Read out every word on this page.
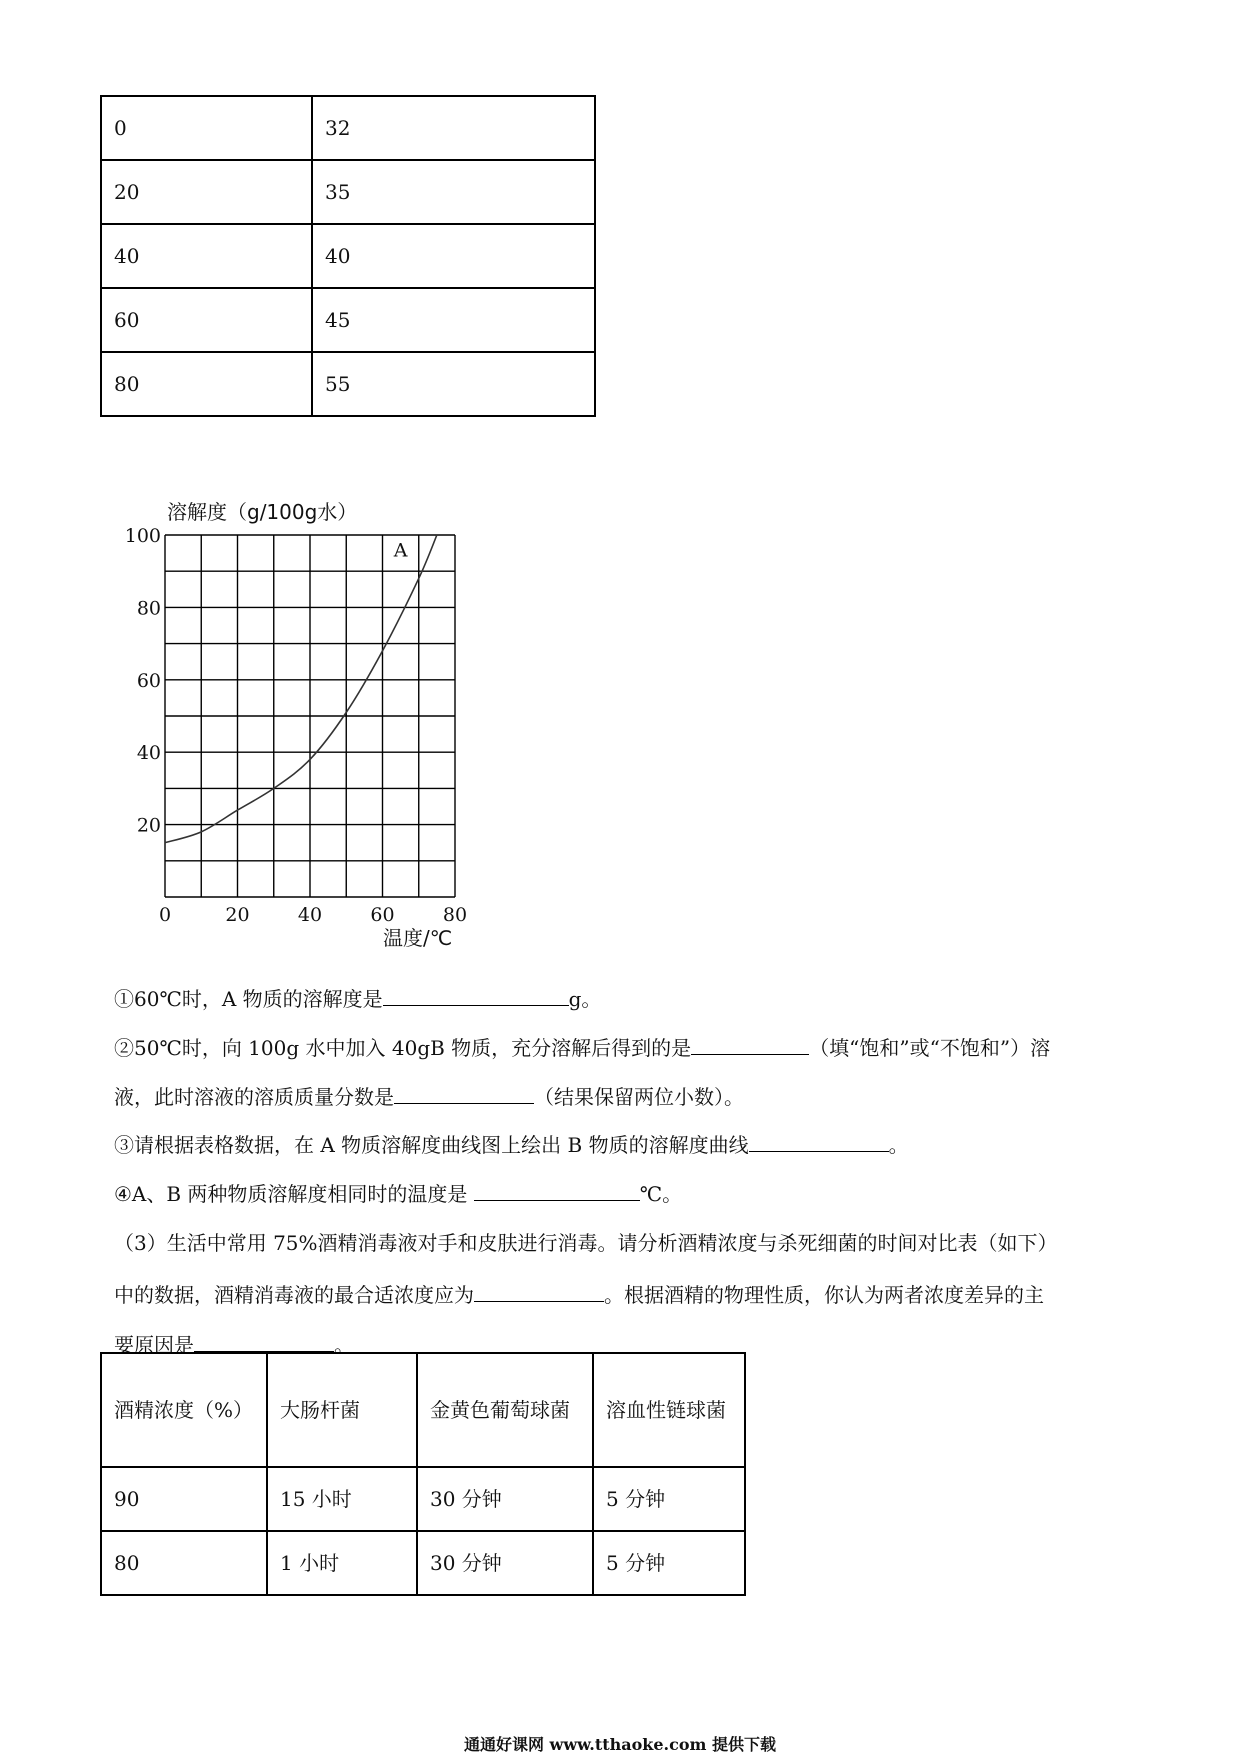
0	32
20	35
40	40
60	45
80	55
溶解度（g/100g水）
0	20	40	60	80
20
40
60
80
100
A
温度/℃
①60℃时，A 物质的溶解度是	g。
②50℃时，向 100g 水中加入 40gB 物质，充分溶解后得到的是	（填“饱和”或“不饱和”）溶
液，此时溶液的溶质质量分数是	（结果保留两位小数）。
③请根据表格数据，在 A 物质溶解度曲线图上绘出 B 物质的溶解度曲线	。
④A、B 两种物质溶解度相同时的温度是	℃。
（3）生活中常用 75%酒精消毒液对手和皮肤进行消毒。请分析酒精浓度与杀死细菌的时间对比表（如下）
中的数据，酒精消毒液的最合适浓度应为	。根据酒精的物理性质，你认为两者浓度差异的主
要原因是	。
酒精浓度（%）	大肠杆菌	金黄色葡萄球菌	溶血性链球菌
90	15 小时	30 分钟	5 分钟
80	1 小时	30 分钟	5 分钟
通通好课网 www.tthaoke.com 提供下载
